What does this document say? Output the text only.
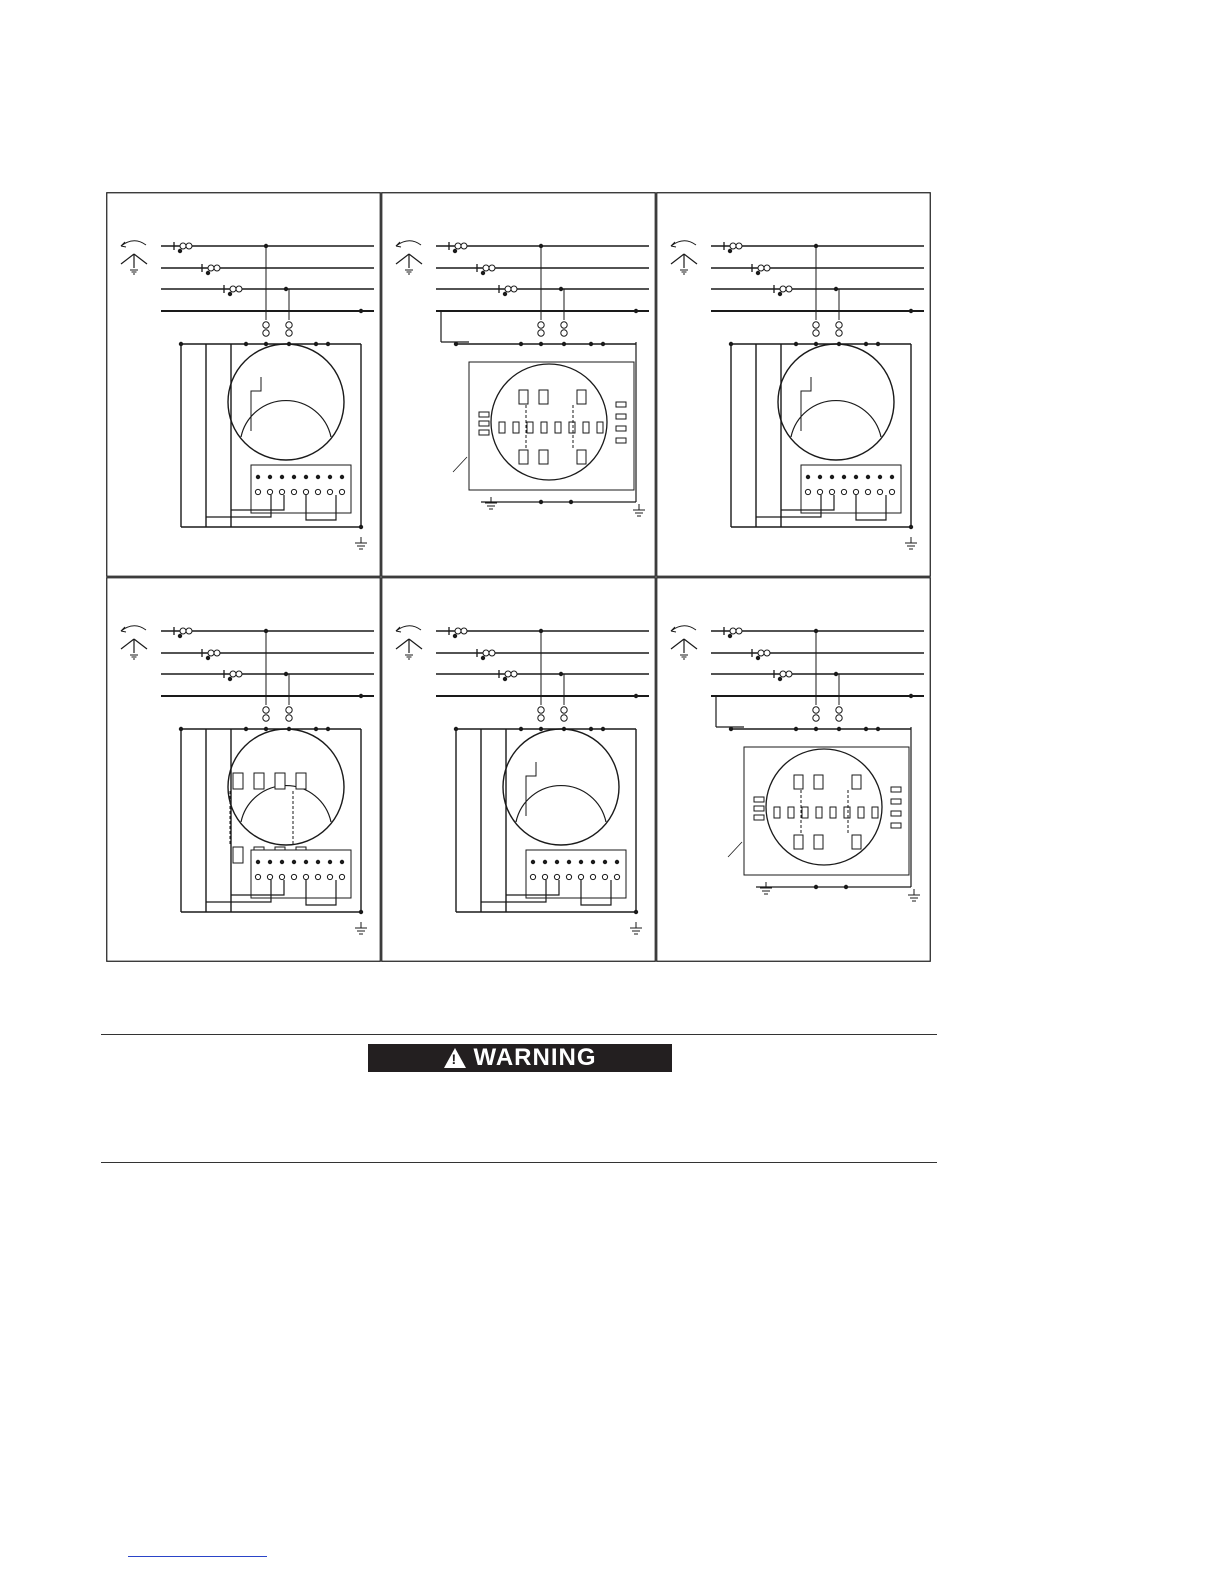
! WARNING
